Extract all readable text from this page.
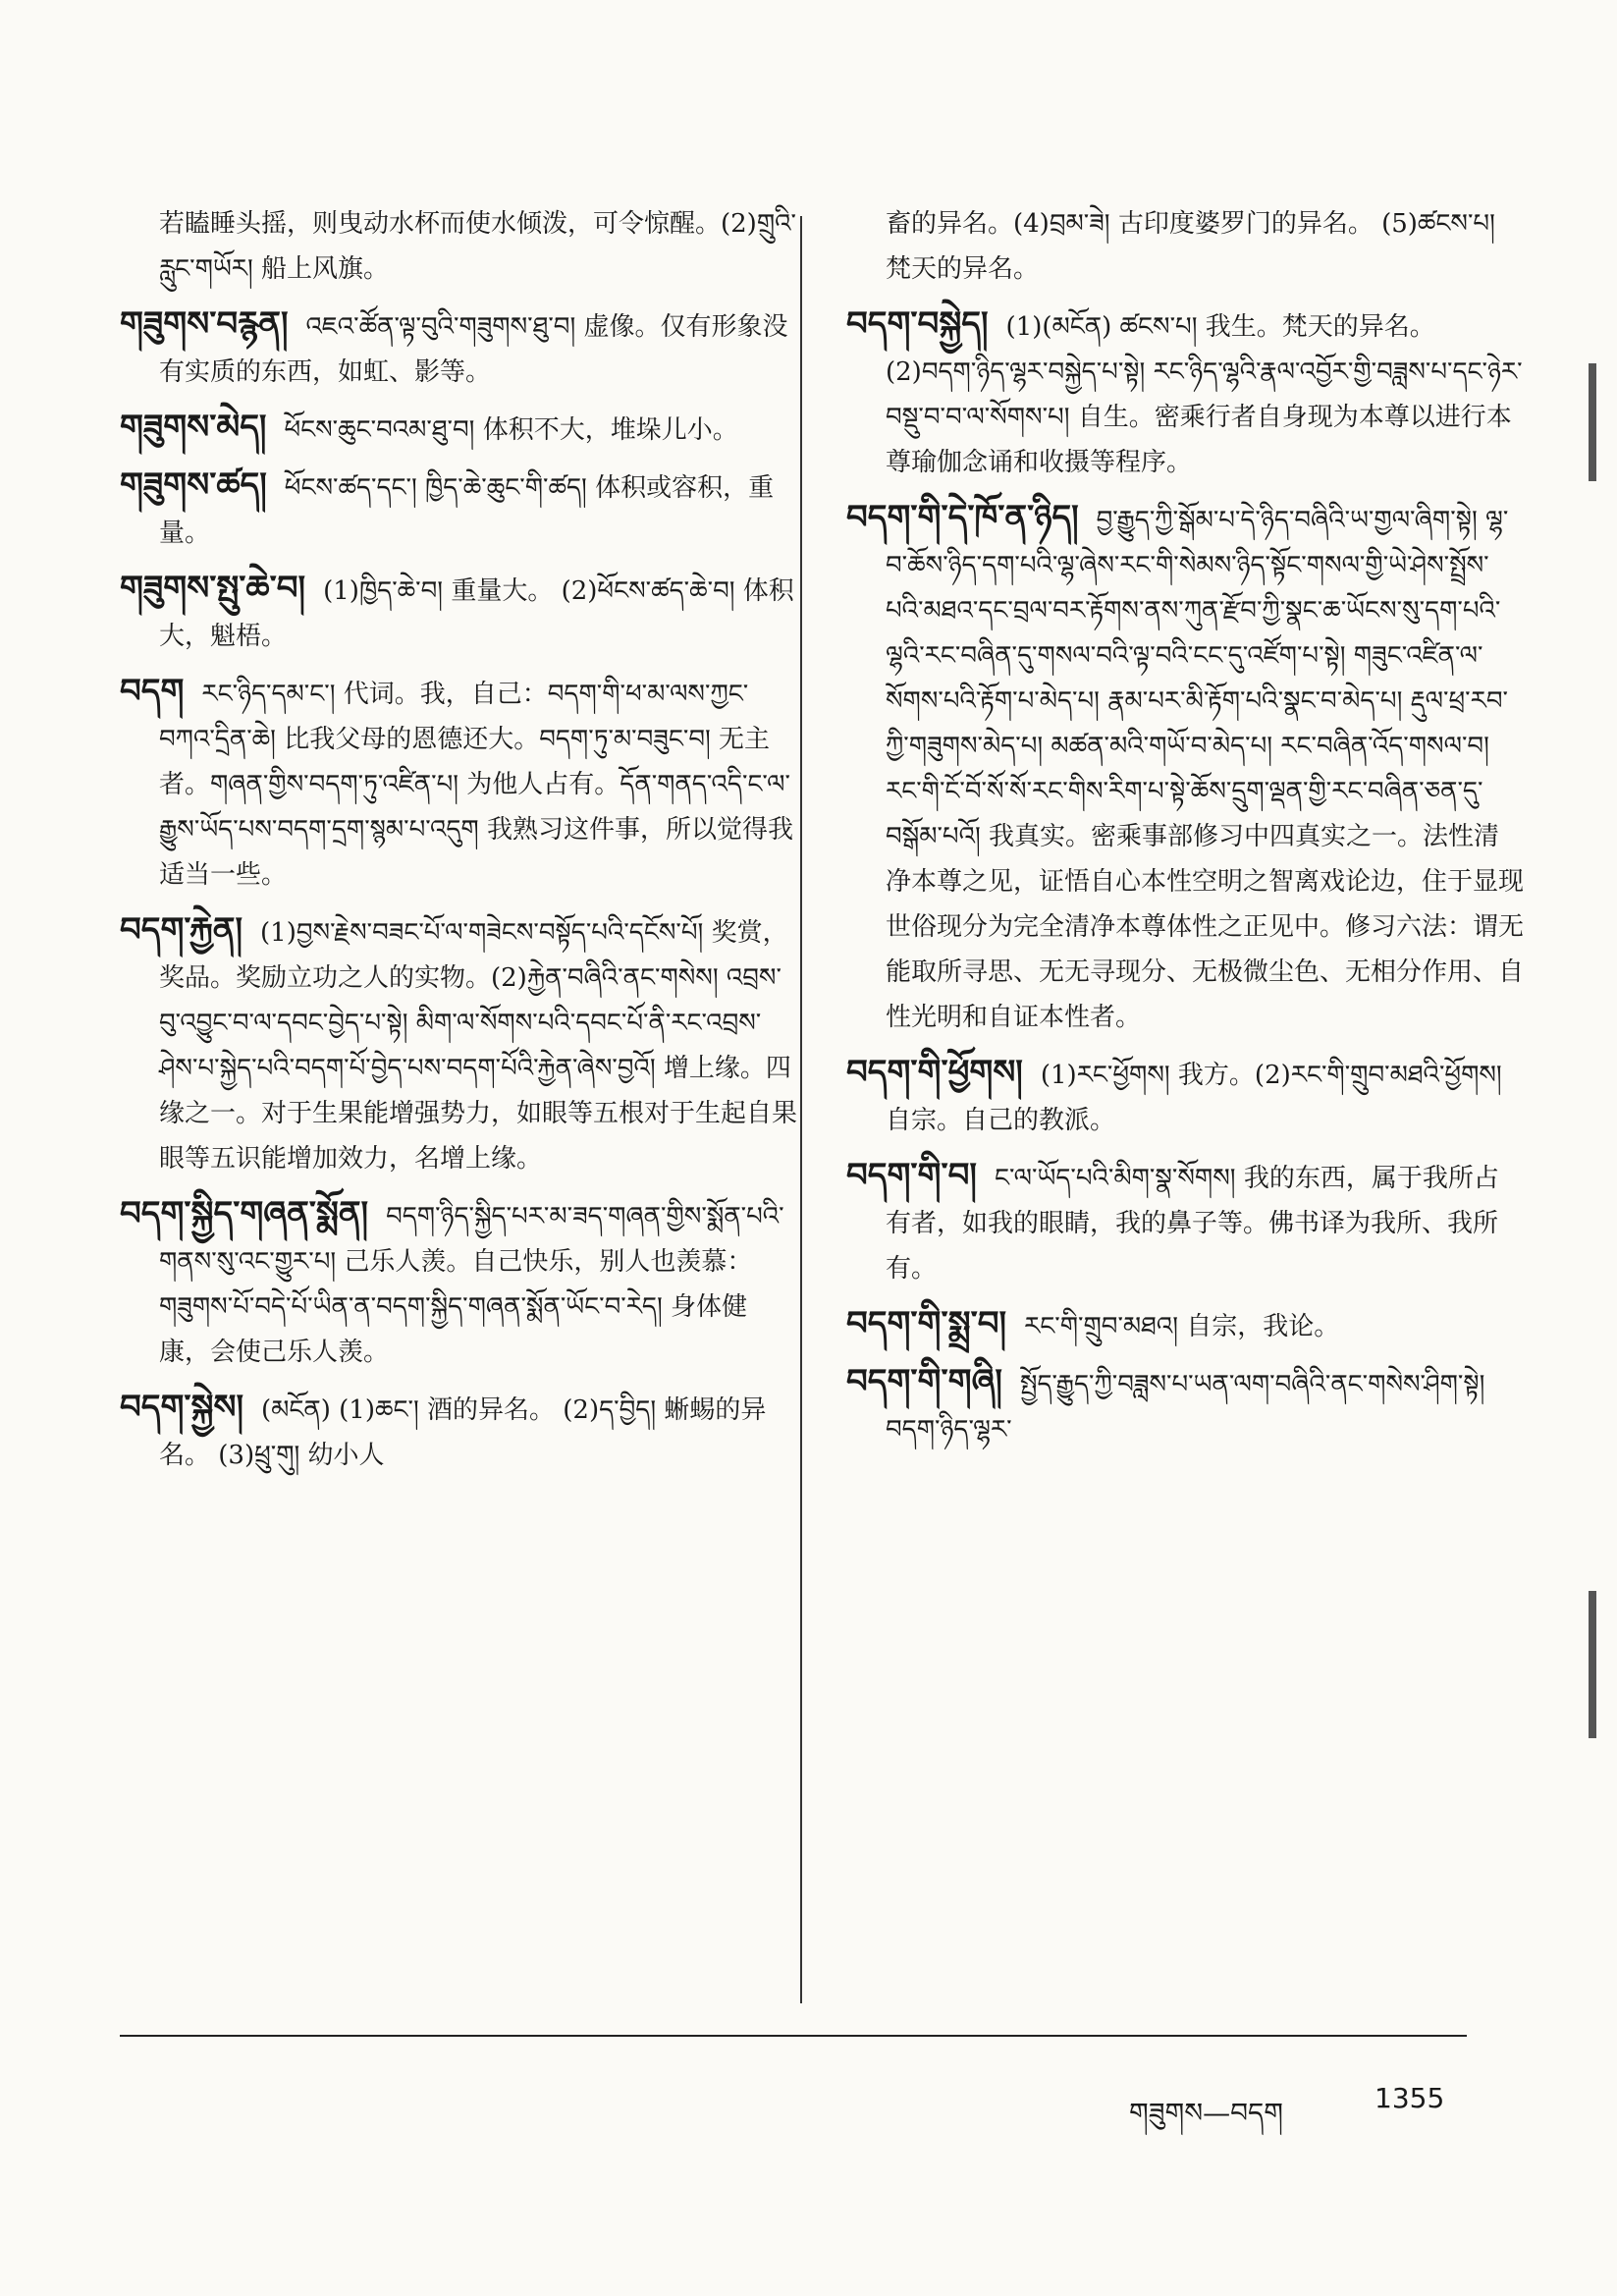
若瞌睡头摇，则曳动水杯而使水倾泼，可令惊醒。(2)གྲུའི་རླུང་གཡོར། 船上风旗。

གཟུགས་བརྙན། འཇའ་ཚོན་ལྟ་བུའི་གཟུགས་ཐུ་བ། 虚像。仅有形象没有实质的东西，如虹、影等。

གཟུགས་མེད། ཕོངས་ཆུང་བའམ་ཐུ་བ། 体积不大，堆垛儿小。

གཟུགས་ཚད། ཕོངས་ཚད་དང་། ཁྱིད་ཆེ་ཆུང་གི་ཚད། 体积或容积，重量。

གཟུགས་སྤུ་ཆེ་བ། (1)ཁྱིད་ཆེ་བ། 重量大。 (2)ཕོངས་ཚད་ཆེ་བ། 体积大，魁梧。

བདག རང་ཉིད་དམ་ང་། 代词。我，自己：བདག་གི་ཕ་མ་ལས་ཀྱང་བཀའ་དྲིན་ཆེ། 比我父母的恩德还大。བདག་ཏུ་མ་བཟུང་བ། 无主者。གཞན་གྱིས་བདག་ཏུ་འཛིན་པ། 为他人占有。དོན་གནད་འདི་ང་ལ་རྒྱུས་ཡོད་པས་བདག་དྲག་སྙམ་པ་འདུག 我熟习这件事，所以觉得我适当一些。

བདག་རྐྱེན། (1)བྱས་རྗེས་བཟང་པོ་ལ་གཟེངས་བསྟོད་པའི་དངོས་པོ། 奖赏，奖品。奖励立功之人的实物。(2)རྐྱེན་བཞིའི་ནང་གསེས། འབྲས་བུ་འབྱུང་བ་ལ་དབང་བྱེད་པ་སྟེ། མིག་ལ་སོགས་པའི་དབང་པོ་ནི་རང་འབྲས་ཤེས་པ་སྐྱེད་པའི་བདག་པོ་བྱེད་པས་བདག་པོའི་རྐྱེན་ཞེས་བྱའོ། 增上缘。四缘之一。对于生果能增强势力，如眼等五根对于生起自果眼等五识能增加效力，名增上缘。

བདག་སྐྱིད་གཞན་སྨོན། བདག་ཉིད་སྐྱིད་པར་མ་ཟད་གཞན་གྱིས་སྨོན་པའི་གནས་སུ་འང་གྱུར་པ། 己乐人羡。自己快乐，别人也羡慕：གཟུགས་པོ་བདེ་པོ་ཡིན་ན་བདག་སྐྱིད་གཞན་སྨོན་ཡོང་བ་རེད། 身体健康，会使己乐人羡。

བདག་སྐྱེས། (མངོན) (1)ཆང་། 酒的异名。 (2)ད་བྱིད། 蜥蜴的异名。 (3)ཕྲུ་གུ། 幼小人

畜的异名。(4)བྲམ་ཟེ། 古印度婆罗门的异名。 (5)ཚངས་པ། 梵天的异名。

བདག་བསྐྱེད། (1)(མངོན) ཚངས་པ། 我生。梵天的异名。 (2)བདག་ཉིད་ལྷར་བསྐྱེད་པ་སྟེ། རང་ཉིད་ལྷའི་རྣལ་འབྱོར་གྱི་བཟླས་པ་དང་ཉེར་བསྡུ་བ་བ་ལ་སོགས་པ། 自生。密乘行者自身现为本尊以进行本尊瑜伽念诵和收摄等程序。

བདག་གི་དེ་ཁོ་ན་ཉིད། བྱ་རྒྱུད་ཀྱི་སྒོམ་པ་དེ་ཉིད་བཞིའི་ཡ་གྱལ་ཞིག་སྟེ། ལྷ་བ་ཆོས་ཉིད་དག་པའི་ལྷ་ཞེས་རང་གི་སེམས་ཉིད་སྟོང་གསལ་གྱི་ཡེ་ཤེས་སྤྲོས་པའི་མཐའ་དང་བྲལ་བར་རྟོགས་ནས་ཀུན་རྫོབ་ཀྱི་སྣང་ཆ་ཡོངས་སུ་དག་པའི་ལྷའི་རང་བཞིན་དུ་གསལ་བའི་ལྟ་བའི་ངང་དུ་འཛོག་པ་སྟེ། གཟུང་འཛིན་ལ་སོགས་པའི་རྟོག་པ་མེད་པ། རྣམ་པར་མི་རྟོག་པའི་སྣང་བ་མེད་པ། རྡུལ་ཕྲ་རབ་ཀྱི་གཟུགས་མེད་པ། མཚན་མའི་གཡོ་བ་མེད་པ། རང་བཞིན་འོད་གསལ་བ། རང་གི་ངོ་བོ་སོ་སོ་རང་གིས་རིག་པ་སྟེ་ཆོས་དྲུག་ལྡན་གྱི་རང་བཞིན་ཅན་དུ་བསྒོམ་པའོ། 我真实。密乘事部修习中四真实之一。法性清净本尊之见，证悟自心本性空明之智离戏论边，住于显现世俗现分为完全清净本尊体性之正见中。修习六法：谓无能取所寻思、无无寻现分、无极微尘色、无相分作用、自性光明和自证本性者。

བདག་གི་ཕྱོགས། (1)རང་ཕྱོགས། 我方。(2)རང་གི་གྲུབ་མཐའི་ཕྱོགས། 自宗。自己的教派。

བདག་གི་བ། ང་ལ་ཡོད་པའི་མིག་སྣ་སོགས། 我的东西，属于我所占有者，如我的眼睛，我的鼻子等。佛书译为我所、我所有。

བདག་གི་སྨྲ་བ། རང་གི་གྲུབ་མཐའ། 自宗，我论。

བདག་གི་གཞི། སྤྱོད་རྒྱུད་ཀྱི་བཟླས་པ་ཡན་ལག་བཞིའི་ནང་གསེས་ཤིག་སྟེ། བདག་ཉིད་ལྷར་

གཟུགས—བདག	1355
